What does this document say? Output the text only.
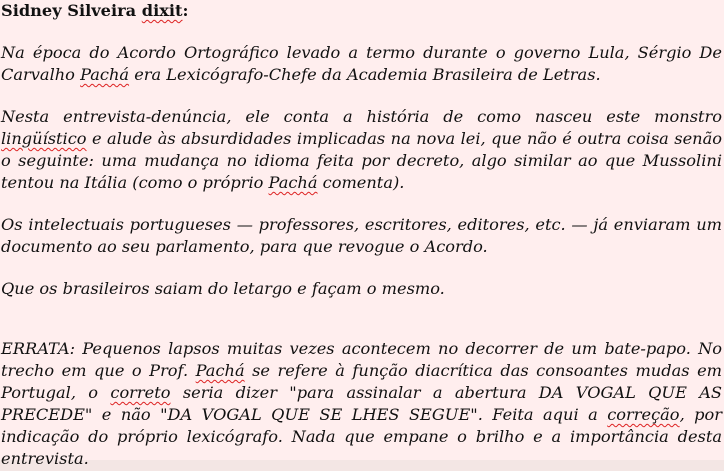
Sidney Silveira dixit:

Na época do Acordo Ortográfico levado a termo durante o governo Lula, Sérgio De Carvalho Pachá era Lexicógrafo-Chefe da Academia Brasileira de Letras.

Nesta entrevista-denúncia, ele conta a história de como nasceu este monstro lingüístico e alude às absurdidades implicadas na nova lei, que não é outra coisa senão o seguinte: uma mudança no idioma feita por decreto, algo similar ao que Mussolini tentou na Itália (como o próprio Pachá comenta).

Os intelectuais portugueses — professores, escritores, editores, etc. — já enviaram um documento ao seu parlamento, para que revogue o Acordo.

Que os brasileiros saiam do letargo e façam o mesmo.

ERRATA: Pequenos lapsos muitas vezes acontecem no decorrer de um bate-papo. No trecho em que o Prof. Pachá se refere à função diacrítica das consoantes mudas em Portugal, o correto seria dizer "para assinalar a abertura DA VOGAL QUE AS PRECEDE" e não "DA VOGAL QUE SE LHES SEGUE". Feita aqui a correção, por indicação do próprio lexicógrafo. Nada que empane o brilho e a importância desta entrevista.
